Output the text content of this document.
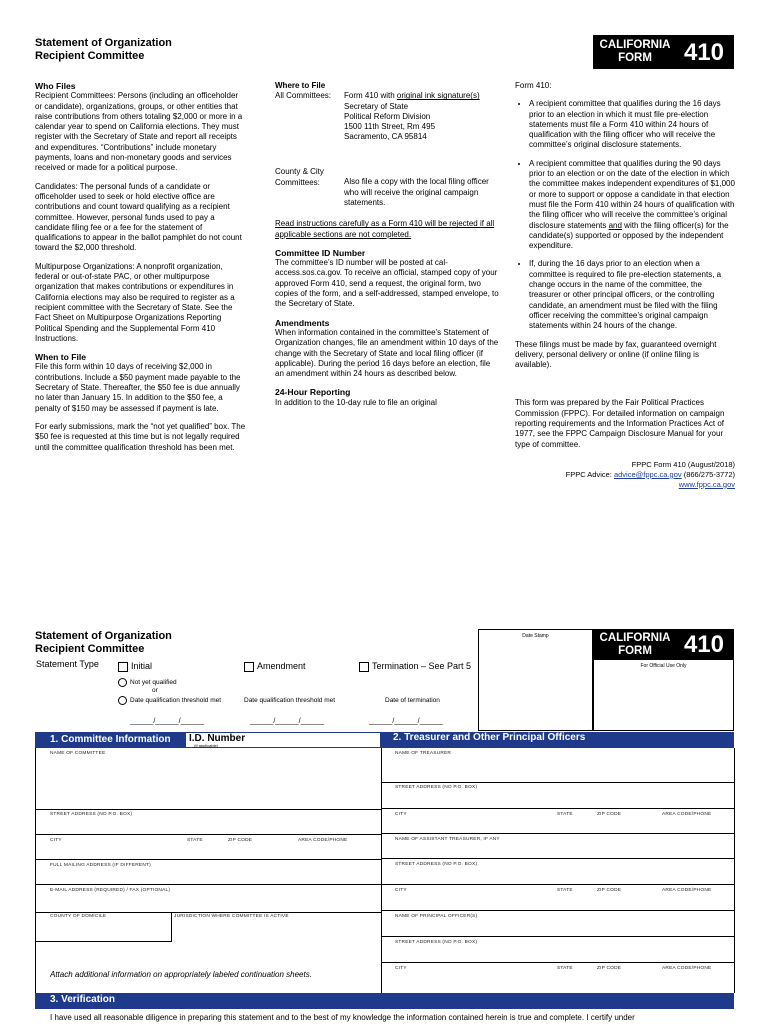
Statement of Organization
Recipient Committee
CALIFORNIA
FORM	410
Who Files

Recipient Committees: Persons (including an officeholder or candidate), organizations, groups, or other entities that raise contributions from others totaling $2,000 or more in a calendar year to spend on California elections. They must register with the Secretary of State and report all receipts and expenditures. “Contributions” include monetary payments, loans and non-monetary goods and services received or made for a political purpose.

Candidates: The personal funds of a candidate or officeholder used to seek or hold elective office are contributions and count toward qualifying as a recipient committee. However, personal funds used to pay a candidate filing fee or a fee for the statement of qualifications to appear in the ballot pamphlet do not count toward the $2,000 threshold.

Multipurpose Organizations: A nonprofit organization, federal or out-of-state PAC, or other multipurpose organization that makes contributions or expenditures in California elections may also be required to register as a recipient committee with the Secretary of State. See the Fact Sheet on Multipurpose Organizations Reporting Political Spending and the Supplemental Form 410 Instructions.

When to File

File this form within 10 days of receiving $2,000 in contributions. Include a $50 payment made payable to the Secretary of State. Thereafter, the $50 fee is due annually no later than January 15. In addition to the $50 fee, a penalty of $150 may be assessed if payment is late.

For early submissions, mark the “not yet qualified” box. The $50 fee is requested at this time but is not legally required until the committee qualification threshold has been met.

Where to File
All Committees: Form 410 with original ink signature(s)
Secretary of State
Political Reform Division
1500 11th Street, Rm 495
Sacramento, CA 95814
County & City
Committees:	Also file a copy with the local filing officer who will receive the original campaign statements.

Read instructions carefully as a Form 410 will be rejected if all applicable sections are not completed.

Committee ID Number

The committee’s ID number will be posted at cal-access.sos.ca.gov. To receive an official, stamped copy of your approved Form 410, send a request, the original form, two copies of the form, and a self-addressed, stamped envelope, to the Secretary of State.

Amendments

When information contained in the committee’s Statement of Organization changes, file an amendment within 10 days of the change with the Secretary of State and local filing officer (if applicable). During the period 16 days before an election, file an amendment within 24 hours as described below.

24-Hour Reporting

In addition to the 10-day rule to file an original

Form 410:

• A recipient committee that qualifies during the 16 days prior to an election in which it must file pre-election statements must file a Form 410 within 24 hours of qualification with the filing officer who will receive the committee’s original disclosure statements.
• A recipient committee that qualifies during the 90 days prior to an election or on the date of the election in which the committee makes independent expenditures of $1,000 or more to support or oppose a candidate in that election must file the Form 410 within 24 hours of qualification with the filing officer who will receive the committee’s original disclosure statements and with the filing officer(s) for the candidate(s) supported or opposed by the independent expenditure.
• If, during the 16 days prior to an election when a committee is required to file pre-election statements, a change occurs in the name of the committee, the treasurer or other principal officers, or the controlling candidate, an amendment must be filed with the filing officer receiving the committee’s original campaign statements within 24 hours of the change.

These filings must be made by fax, guaranteed overnight delivery, personal delivery or online (if online filing is available).

This form was prepared by the Fair Political Practices Commission (FPPC). For detailed information on campaign reporting requirements and the Information Practices Act of 1977, see the FPPC Campaign Disclosure Manual for your type of committee.

FPPC Form 410 (August/2018)
FPPC Advice: advice@fppc.ca.gov (866/275-3772)
www.fppc.ca.gov
Statement of Organization
Recipient Committee
Date Stamp	CALIFORNIA
FORM	410
For Official Use Only
Statement Type	Initial	Amendment	Termination – See Part 5
Not yet qualified
or
Date qualification threshold met	Date qualification threshold met	Date of termination
______/______/______	______/______/______	______/______/______
1. Committee Information I.D. Number
(If applicable)
2. Treasurer and Other Principal Officers
NAME OF COMMITTEE
STREET ADDRESS (NO P.O. BOX)
CITY	STATE	ZIP CODE	AREA CODE/PHONE
FULL MAILING ADDRESS (IF DIFFERENT)
E-MAIL ADDRESS (REQUIRED) / FAX (OPTIONAL)
COUNTY OF DOMICILE	JURISDICTION WHERE COMMITTEE IS ACTIVE
Attach additional information on appropriately labeled continuation sheets.
NAME OF TREASURER
STREET ADDRESS (NO P.O. BOX)
CITY	STATE	ZIP CODE	AREA CODE/PHONE
NAME OF ASSISTANT TREASURER, IF ANY
STREET ADDRESS (NO P.O. BOX)
CITY	STATE	ZIP CODE	AREA CODE/PHONE
NAME OF PRINCIPAL OFFICER(S)
STREET ADDRESS (NO P.O. BOX)
CITY	STATE	ZIP CODE	AREA CODE/PHONE
3. Verification
I have used all reasonable diligence in preparing this statement and to the best of my knowledge the information contained herein is true and complete. I certify under
